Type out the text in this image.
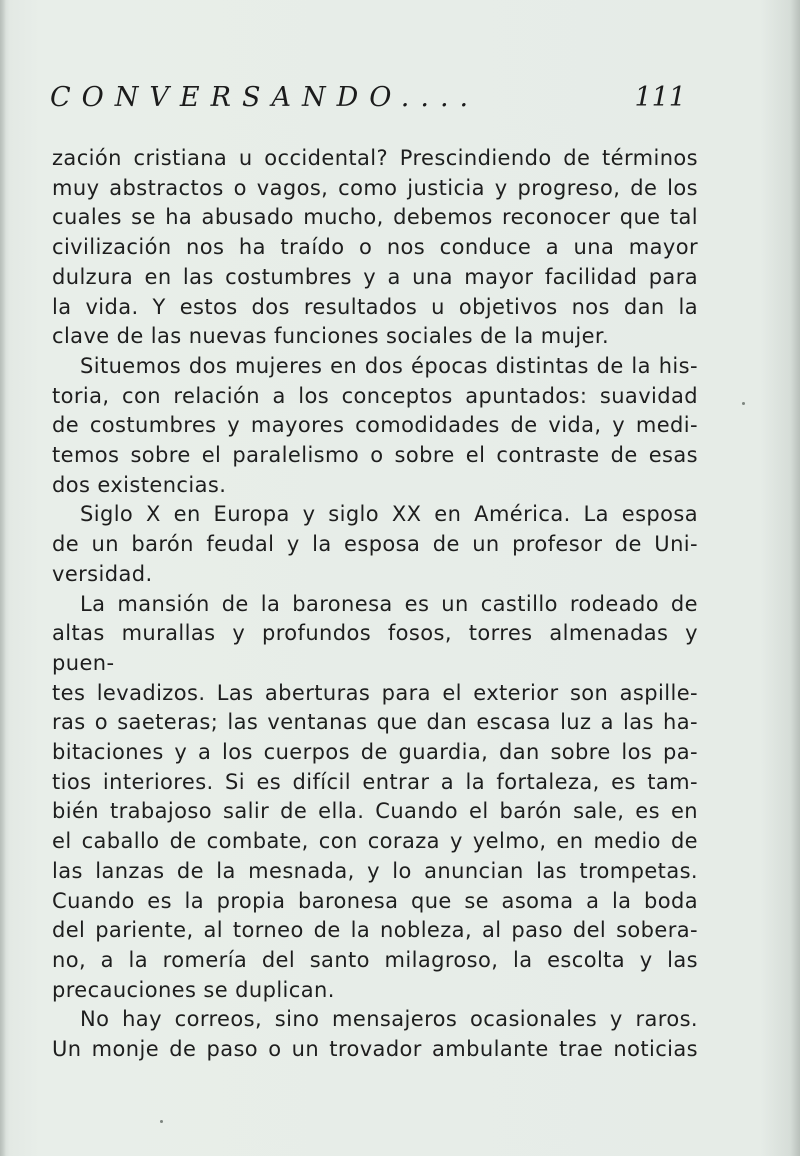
CONVERSANDO....	111

zación cristiana u occidental? Prescindiendo de términos

muy abstractos o vagos, como justicia y progreso, de los

cuales se ha abusado mucho, debemos reconocer que tal

civilización nos ha traído o nos conduce a una mayor

dulzura en las costumbres y a una mayor facilidad para

la vida. Y estos dos resultados u objetivos nos dan la

clave de las nuevas funciones sociales de la mujer.

Situemos dos mujeres en dos épocas distintas de la his-

toria, con relación a los conceptos apuntados: suavidad

de costumbres y mayores comodidades de vida, y medi-

temos sobre el paralelismo o sobre el contraste de esas

dos existencias.

Siglo X en Europa y siglo XX en América. La esposa

de un barón feudal y la esposa de un profesor de Uni-

versidad.

La mansión de la baronesa es un castillo rodeado de

altas murallas y profundos fosos, torres almenadas y puen-

tes levadizos. Las aberturas para el exterior son aspille-

ras o saeteras; las ventanas que dan escasa luz a las ha-

bitaciones y a los cuerpos de guardia, dan sobre los pa-

tios interiores. Si es difícil entrar a la fortaleza, es tam-

bién trabajoso salir de ella. Cuando el barón sale, es en

el caballo de combate, con coraza y yelmo, en medio de

las lanzas de la mesnada, y lo anuncian las trompetas.

Cuando es la propia baronesa que se asoma a la boda

del pariente, al torneo de la nobleza, al paso del sobera-

no, a la romería del santo milagroso, la escolta y las

precauciones se duplican.

No hay correos, sino mensajeros ocasionales y raros.

Un monje de paso o un trovador ambulante trae noticias
